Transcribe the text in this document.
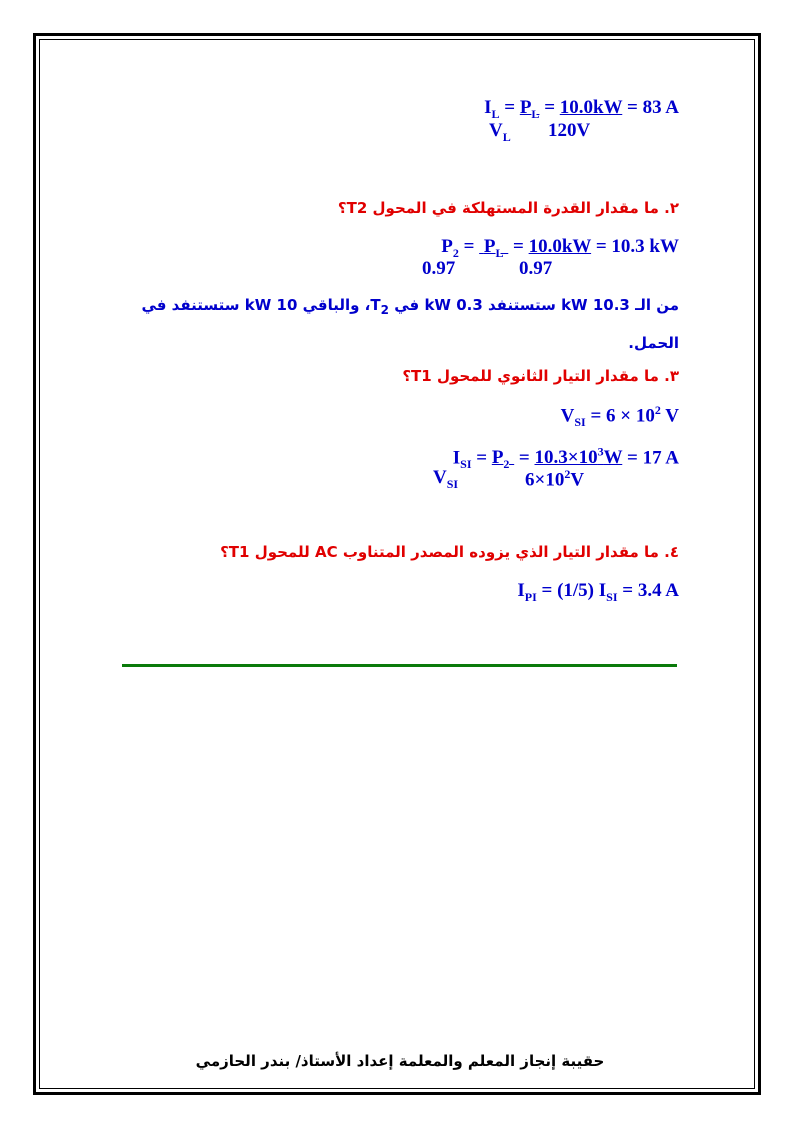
$I_L = P_L = 10.0kW = 83$ A
$V_L$ 120V
٢. ما مقدار القدرة المستهلكة في المحول T2؟
$P_2 = P_L = 10.0kW = 10.3$ kW
0.97	0.97
من الـ 10.3 kW ستستنفد 0.3 kW في $T_2،$ والباقي 10 kW ستستنفد في
الحمل.
٣. ما مقدار التيار الثانوي للمحول T1؟
$V_{SI} = 6 \times 10^2$ V
$I_{SI} = P_2 = 10.3\times 10^3W = 17$ A
$V_{SI}$	$6\times 10^2V$
٤. ما مقدار التيار الذي يزوده المصدر المتناوب AC للمحول T1؟
$I_{PI} = (1/5) I_{SI} = 3.4$ A
حقيبة إنجاز المعلم والمعلمة إعداد الأستاذ/ بندر الحازمي
